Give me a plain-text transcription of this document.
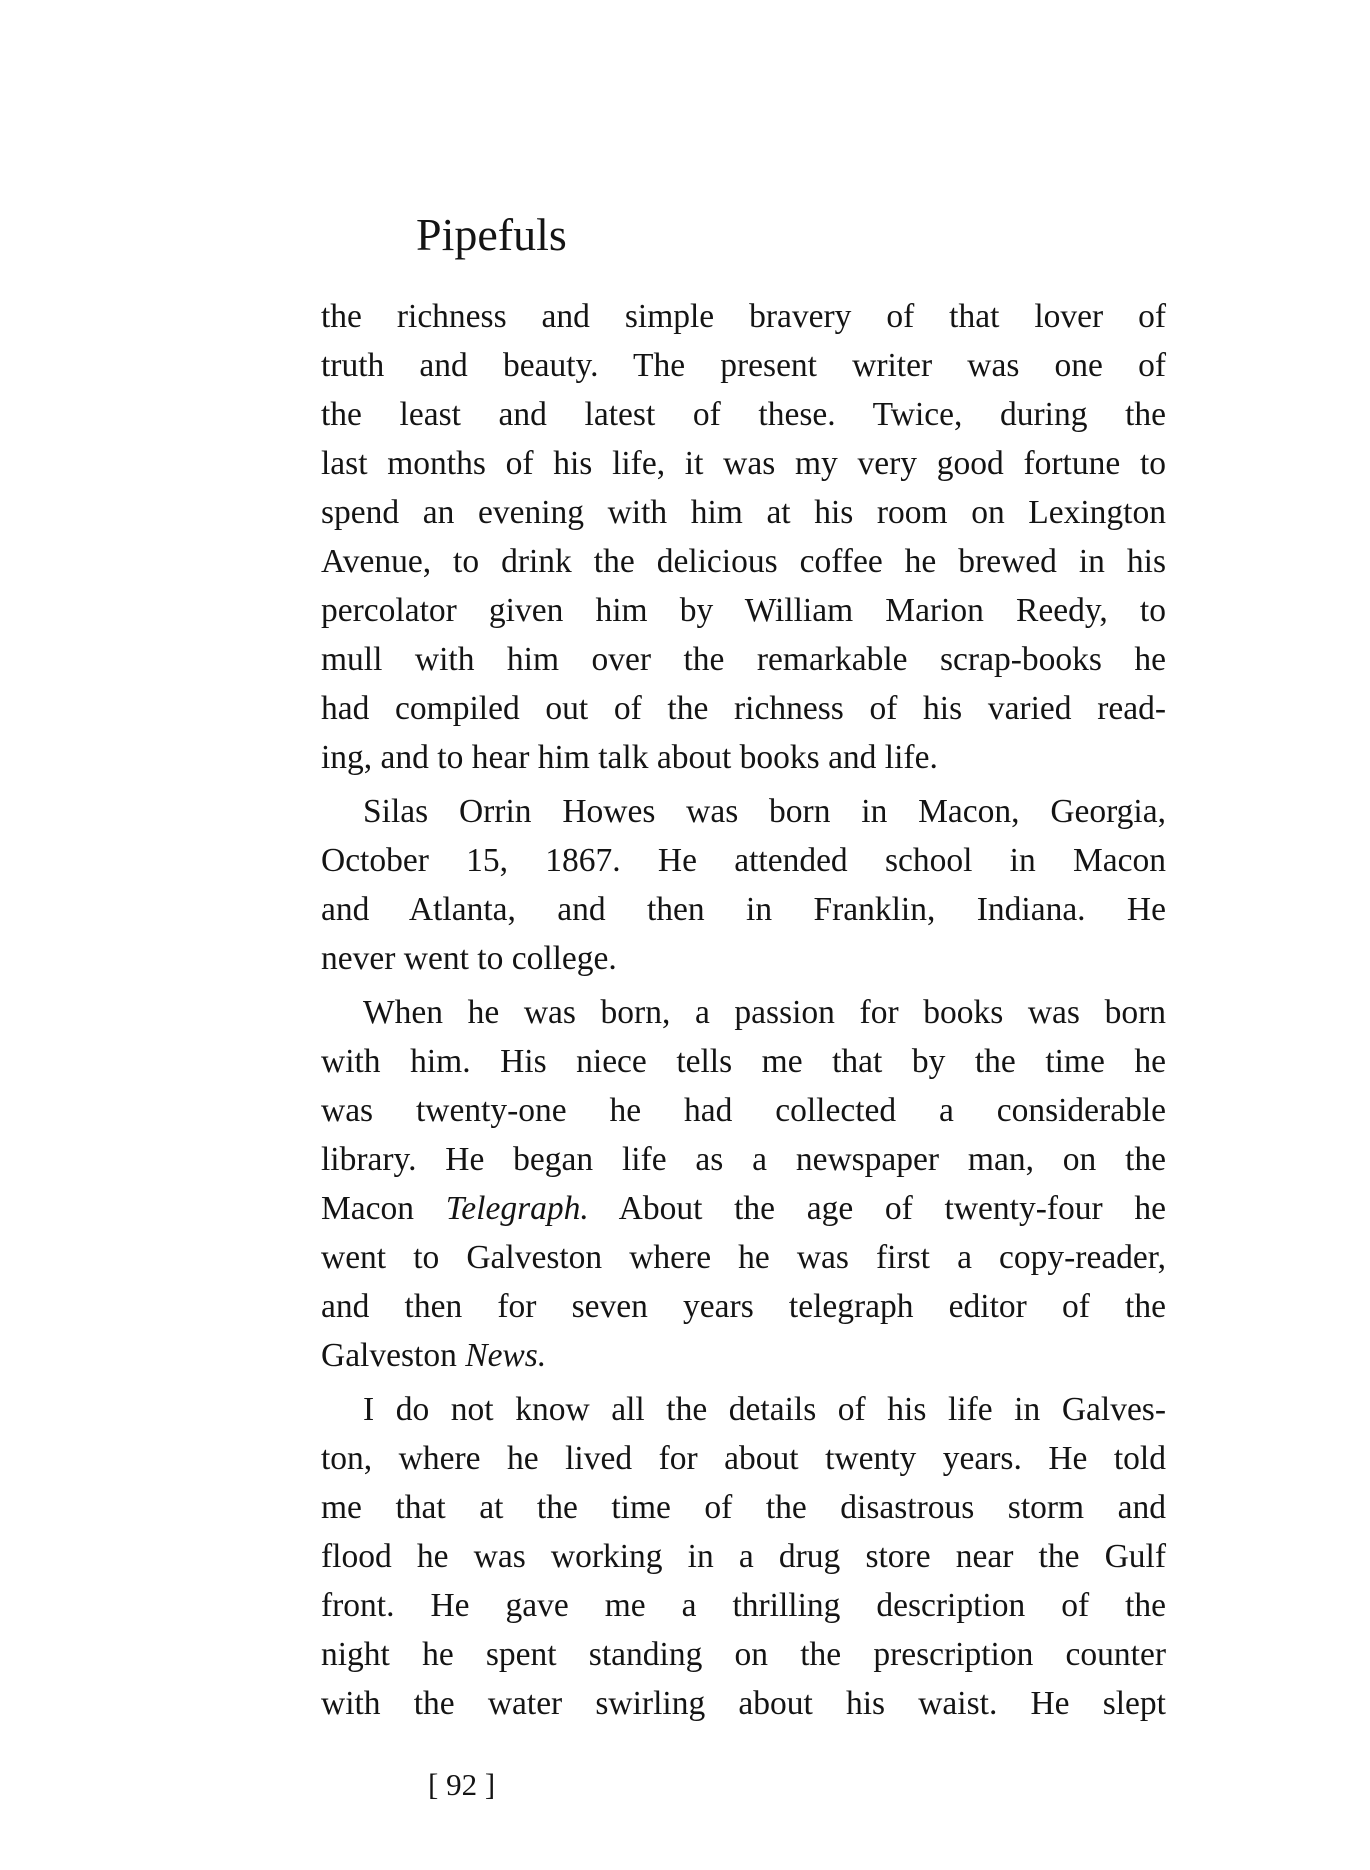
Pipefuls
the richness and simple bravery of that lover of
truth and beauty. The present writer was one of
the least and latest of these. Twice, during the
last months of his life, it was my very good fortune to
spend an evening with him at his room on Lexington
Avenue, to drink the delicious coffee he brewed in his
percolator given him by William Marion Reedy, to
mull with him over the remarkable scrap-books he
had compiled out of the richness of his varied read-
ing, and to hear him talk about books and life.
Silas Orrin Howes was born in Macon, Georgia,
October 15, 1867. He attended school in Macon
and Atlanta, and then in Franklin, Indiana. He
never went to college.
When he was born, a passion for books was born
with him. His niece tells me that by the time he
was twenty-one he had collected a considerable
library. He began life as a newspaper man, on the
Macon Telegraph. About the age of twenty-four he
went to Galveston where he was first a copy-reader,
and then for seven years telegraph editor of the
Galveston News.
I do not know all the details of his life in Galves-
ton, where he lived for about twenty years. He told
me that at the time of the disastrous storm and
flood he was working in a drug store near the Gulf
front. He gave me a thrilling description of the
night he spent standing on the prescription counter
with the water swirling about his waist. He slept
[ 92 ]
